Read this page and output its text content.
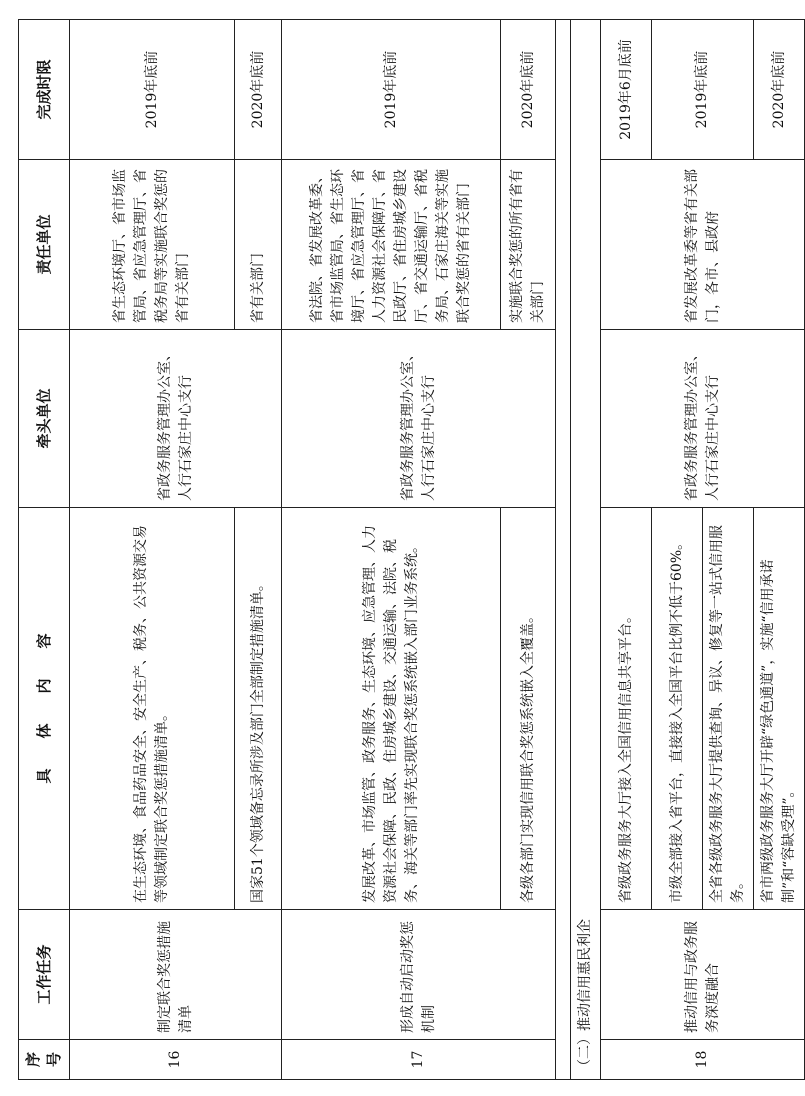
序号	工作任务	具　　体　　内　　容	牵头单位	责任单位	完成时限
16	制定联合奖惩措施清单	在生态环境、食品药品安全、安全生产、税务、公共资源交易等领域制定联合奖惩措施清单。	省政务服务管理办公室、人行石家庄中心支行	省生态环境厅、省市场监管局、省应急管理厅、省税务局等实施联合奖惩的省有关部门	2019年底前
		国家51个领域备忘录所涉及部门全部制定措施清单。		省有关部门	2020年底前
17	形成自动启动奖惩机制	发展改革、市场监管、政务服务、生态环境、应急管理、人力资源社会保障、民政、住房城乡建设、交通运输、法院、税务、海关等部门率先实现联合奖惩系统嵌入部门业务系统。	省政务服务管理办公室、人行石家庄中心支行	省法院、省发展改革委、省市场监管局、省生态环境厅、省应急管理厅、省人力资源社会保障厅、省民政厅、省住房城乡建设厅、省交通运输厅、省税务局、石家庄海关等实施联合奖惩的省有关部门	2019年底前
		各级各部门实现信用联合奖惩系统嵌入全覆盖。		实施联合奖惩的所有省有关部门	2020年底前

（二）推动信用惠民利企					
18	推动信用与政务服务深度融合	省级政务服务大厅接入全国信用信息共享平台。	省政务服务管理办公室、人行石家庄中心支行	省发展改革委等省有关部门，各市、县政府	2019年6月底前
		市级全部接入省平台，直接接入全国平台比例不低于60%。			2019年底前
		全省各级政务服务大厅提供查询、异议、修复等一站式信用服务。			
		省市两级政务服务大厅开辟“绿色通道”，实施“信用承诺制”和“容缺受理”。			2020年底前
